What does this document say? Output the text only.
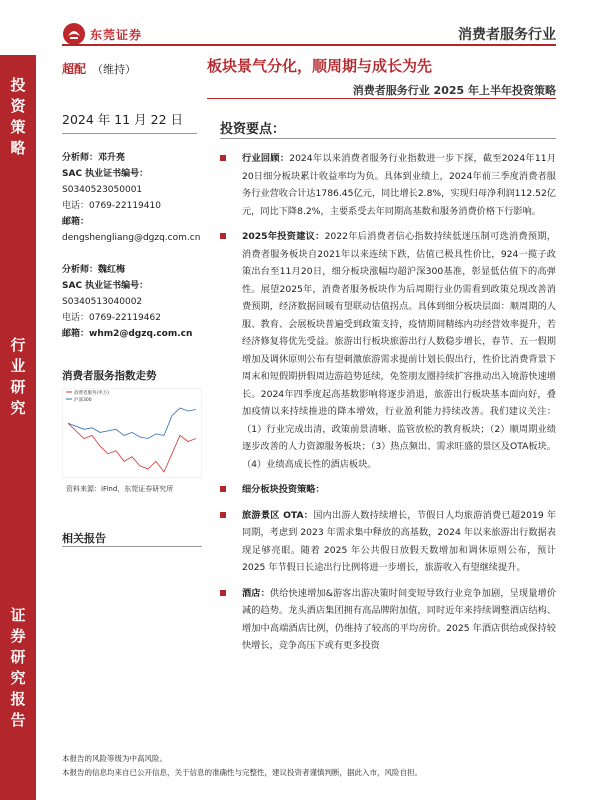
东莞证券	消费者服务行业
投
资
策
略
行
业
研
究
证
券
研
究
报
告
超配 （维持）	板块景气分化，顺周期与成长为先
消费者服务行业 2025 年上半年投资策略
2024 年 11 月 22 日
分析师：邓升亮
SAC 执业证书编号：
S0340523050001
电话：0769-22119410
邮箱：
dengshengliang@dgzq.com.cn
分析师：魏红梅
SAC 执业证书编号：
S0340513040002
电话：0769-22119462
邮箱：whm2@dgzq.com.cn
消费者服务指数走势
消费者服务(申万)
沪深300
资料来源：iFind，东莞证券研究所
相关报告
投资要点：
行业回顾：2024年以来消费者服务行业指数进一步下探，截至2024年11月20日细分板块累计收益率均为负。具体到业绩上，2024年前三季度消费者服务行业营收合计达1786.45亿元，同比增长2.8%，实现归母净利润112.52亿元，同比下降8.2%，主要系受去年同期高基数和服务消费价格下行影响。
2025年投资建议：2022年后消费者信心指数持续低迷压制可选消费预期，消费者服务板块自2021年以来连续下跌，估值已极具性价比，924一揽子政策出台至11月20日，细分板块涨幅均超沪深300基准，彰显低估值下的高弹性。展望2025年，消费者服务板块作为后周期行业仍需看到政策兑现改善消费预期，经济数据回暖有望联动估值拐点。具体到细分板块层面：顺周期的人服、教育、会展板块普遍受到政策支持，疫情期间精练内功经营效率提升，若经济修复将优先受益。旅游出行板块旅游出行人数稳步增长，春节、五一假期增加及调休原则公布有望刺激旅游需求提前计划长假出行，性价比消费背景下周末和短假期拼假周边游趋势延续，免签朋友圈持续扩容推动出入境游快速增长。2024年四季度起高基数影响将逐步消退，旅游出行板块基本面向好，叠加疫情以来持续推进的降本增效，行业盈利能力持续改善。我们建议关注：（1）行业完成出清，政策前景清晰、监管放松的教育板块；（2）顺周期业绩逐步改善的人力资源服务板块；（3）热点频出、需求旺盛的景区及OTA板块。（4）业绩高成长性的酒店板块。
细分板块投资策略：
旅游景区 OTA：国内出游人数持续增长，节假日人均旅游消费已超2019 年同期，考虑到 2023 年需求集中释放的高基数，2024 年以来旅游出行数据表现足够亮眼。随着 2025 年公共假日放假天数增加和调休原则公布，预计 2025 年节假日长途出行比例将进一步增长，旅游收入有望继续提升。
酒店：供给快速增加&游客出游决策时间变短导致行业竞争加剧，呈现量增价减的趋势。龙头酒店集团拥有高品牌附加值，同时近年来持续调整酒店结构、增加中高端酒店比例，仍维持了较高的平均房价。2025 年酒店供给或保持较快增长，竞争高压下或有更多投资
本报告的风险等级为中高风险。
本报告的信息均来自已公开信息，关于信息的准确性与完整性，建议投资者谨慎判断，据此入市，风险自担。
